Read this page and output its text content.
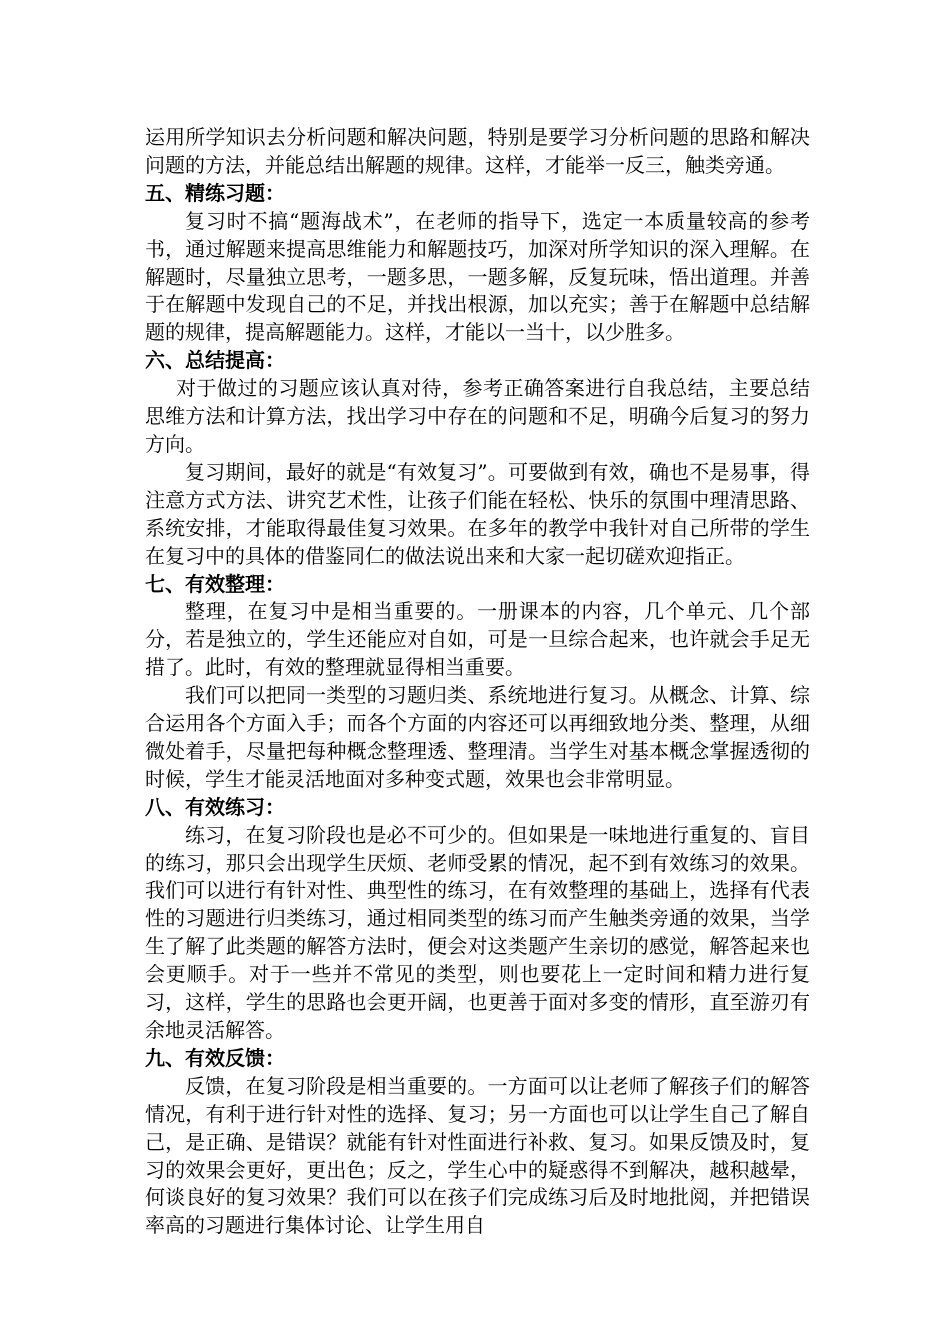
运用所学知识去分析问题和解决问题，特别是要学习分析问题的思路和解决问题的方法，并能总结出解题的规律。这样，才能举一反三，触类旁通。

五、精练习题：

复习时不搞“题海战术”，在老师的指导下，选定一本质量较高的参考书，通过解题来提高思维能力和解题技巧，加深对所学知识的深入理解。在解题时，尽量独立思考，一题多思，一题多解，反复玩味，悟出道理。并善于在解题中发现自己的不足，并找出根源，加以充实；善于在解题中总结解题的规律，提高解题能力。这样，才能以一当十，以少胜多。

六、总结提高：

对于做过的习题应该认真对待，参考正确答案进行自我总结，主要总结思维方法和计算方法，找出学习中存在的问题和不足，明确今后复习的努力方向。

复习期间，最好的就是“有效复习”。可要做到有效，确也不是易事，得注意方式方法、讲究艺术性，让孩子们能在轻松、快乐的氛围中理清思路、系统安排，才能取得最佳复习效果。在多年的教学中我针对自己所带的学生在复习中的具体的借鉴同仁的做法说出来和大家一起切磋欢迎指正。

七、有效整理：

整理，在复习中是相当重要的。一册课本的内容，几个单元、几个部分，若是独立的，学生还能应对自如，可是一旦综合起来，也许就会手足无措了。此时，有效的整理就显得相当重要。

我们可以把同一类型的习题归类、系统地进行复习。从概念、计算、综合运用各个方面入手；而各个方面的内容还可以再细致地分类、整理，从细微处着手，尽量把每种概念整理透、整理清。当学生对基本概念掌握透彻的时候，学生才能灵活地面对多种变式题，效果也会非常明显。

八、有效练习：

练习，在复习阶段也是必不可少的。但如果是一味地进行重复的、盲目的练习，那只会出现学生厌烦、老师受累的情况，起不到有效练习的效果。我们可以进行有针对性、典型性的练习，在有效整理的基础上，选择有代表性的习题进行归类练习，通过相同类型的练习而产生触类旁通的效果，当学生了解了此类题的解答方法时，便会对这类题产生亲切的感觉，解答起来也会更顺手。对于一些并不常见的类型，则也要花上一定时间和精力进行复习，这样，学生的思路也会更开阔，也更善于面对多变的情形，直至游刃有余地灵活解答。

九、有效反馈：

反馈，在复习阶段是相当重要的。一方面可以让老师了解孩子们的解答情况，有利于进行针对性的选择、复习；另一方面也可以让学生自己了解自己，是正确、是错误？就能有针对性面进行补救、复习。如果反馈及时，复习的效果会更好，更出色；反之，学生心中的疑惑得不到解决，越积越晕，何谈良好的复习效果？我们可以在孩子们完成练习后及时地批阅，并把错误率高的习题进行集体讨论、让学生用自
